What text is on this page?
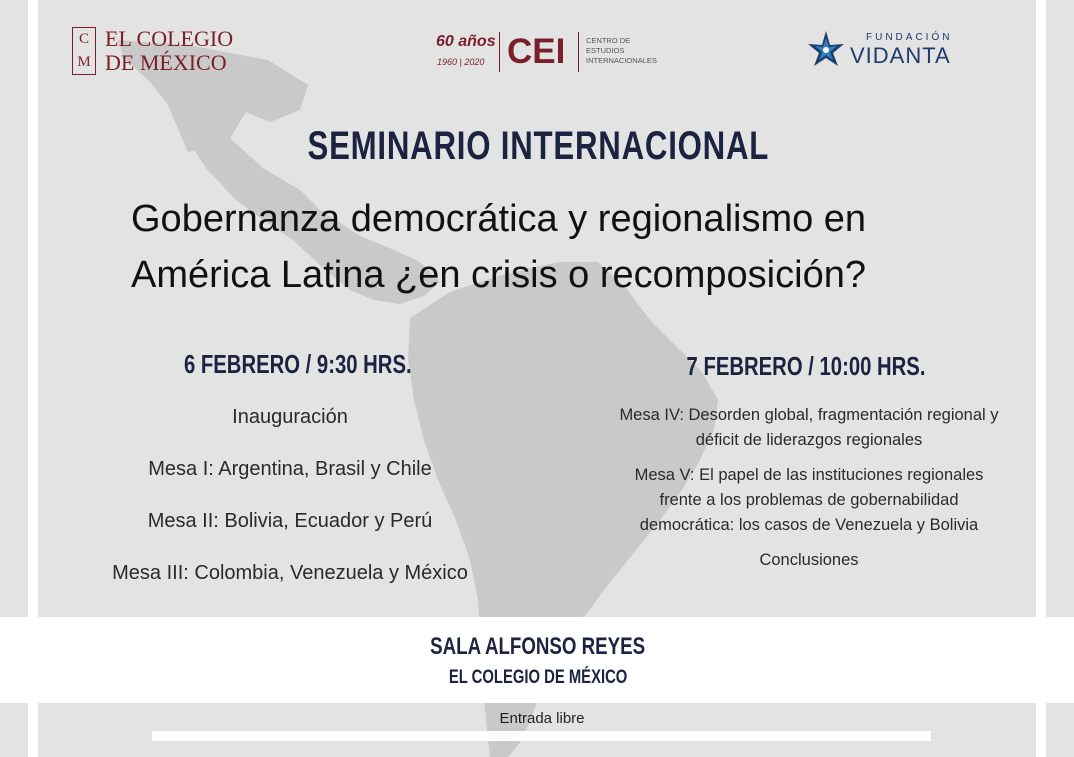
C
M
EL COLEGIO
DE MÉXICO
60 años
1960 | 2020 CEI	CENTRO DE
ESTUDIOS
INTERNACIONALES
FUNDACIÓN
VIDANTA
SEMINARIO INTERNACIONAL
Gobernanza democrática y regionalismo en
América Latina ¿en crisis o recomposición?
6 FEBRERO / 9:30 HRS.
Inauguración
Mesa I: Argentina, Brasil y Chile
Mesa II: Bolivia, Ecuador y Perú
Mesa III: Colombia, Venezuela y México
7 FEBRERO / 10:00 HRS.
Mesa IV: Desorden global, fragmentación regional y
déficit de liderazgos regionales
Mesa V: El papel de las instituciones regionales
frente a los problemas de gobernabilidad
democrática: los casos de Venezuela y Bolivia
Conclusiones
SALA ALFONSO REYES
EL COLEGIO DE MÉXICO
Entrada libre
